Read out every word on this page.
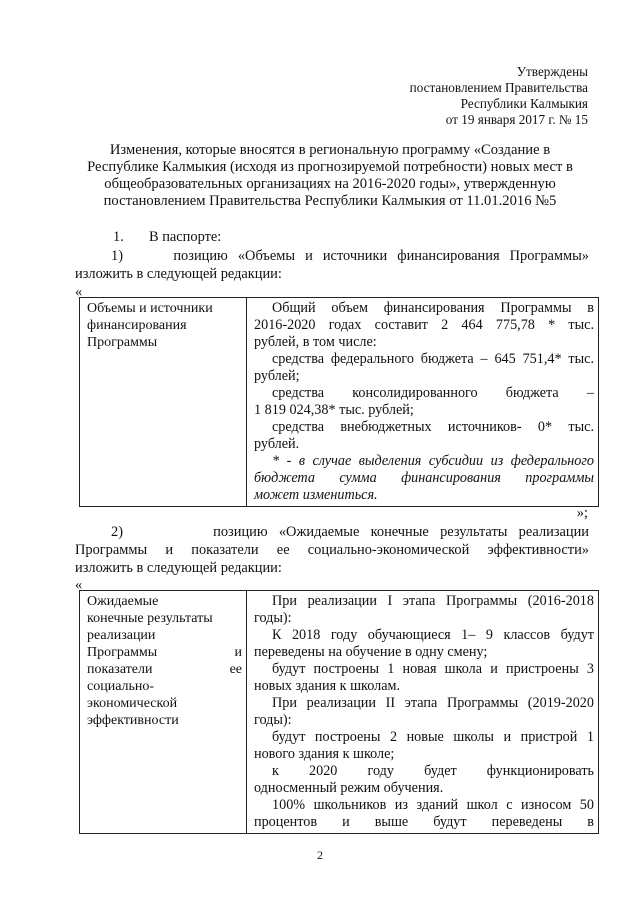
Утверждены
постановлением Правительства
Республики Калмыкия
от 19 января 2017 г. № 15
Изменения, которые вносятся в региональную программу «Создание в
Республике Калмыкия (исходя из прогнозируемой потребности) новых мест в
общеобразовательных организациях на 2016-2020 годы», утвержденную
постановлением Правительства Республики Калмыкия от 11.01.2016 №5
1. В паспорте:
1)	позицию «Объемы и источники финансирования Программы»
изложить в следующей редакции:
«
Объемы и источники
финансирования
Программы

Общий объем финансирования Программы в
2016-2020 годах составит 2 464 775,78 * тыс.
рублей, в том числе:
средства федерального бюджета – 645 751,4* тыс.
рублей;
средства консолидированного бюджета –
1 819 024,38* тыс. рублей;
средства внебюджетных источников- 0* тыс.
рублей.
* - в случае выделения субсидии из федерального
бюджета сумма финансирования программы
может измениться.
»;
2)	позицию «Ожидаемые конечные результаты реализации
Программы и показатели ее социально-экономической эффективности»
изложить в следующей редакции:
«
Ожидаемые
конечные результаты
реализации
Программы	и
показатели	ее
социально-
экономической
эффективности

При реализации I этапа Программы (2016-2018
годы):
К 2018 году обучающиеся 1– 9 классов будут
переведены на обучение в одну смену;
будут построены 1 новая школа и пристроены 3
новых здания к школам.
При реализации II этапа Программы (2019-2020
годы):
будут построены 2 новые школы и пристрой 1
нового здания к школе;
к 2020 году будет функционировать
односменный режим обучения.
100% школьников из зданий школ с износом 50
процентов и выше будут переведены в
2
